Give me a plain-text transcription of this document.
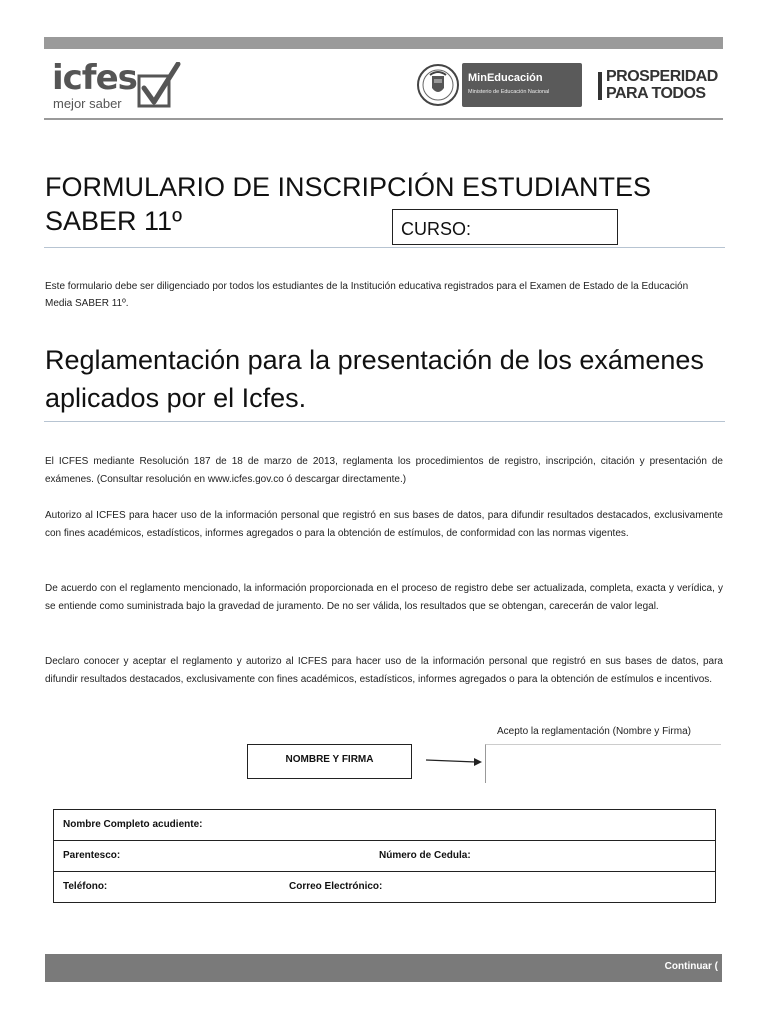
icfes
mejor saber
MinEducación
Ministerio de Educación Nacional
PROSPERIDAD
PARA TODOS
FORMULARIO DE INSCRIPCIÓN ESTUDIANTES SABER 11º	CURSO:
Este formulario debe ser diligenciado por todos los estudiantes de la Institución educativa registrados para el Examen de Estado de la Educación Media SABER 11º.
Reglamentación para la presentación de los exámenes aplicados por el Icfes.
El ICFES mediante Resolución 187 de 18 de marzo de 2013, reglamenta los procedimientos de registro, inscripción, citación y presentación de exámenes. (Consultar resolución en www.icfes.gov.co ó descargar directamente.)
Autorizo al ICFES para hacer uso de la información personal que registró en sus bases de datos, para difundir resultados destacados, exclusivamente con fines académicos, estadísticos, informes agregados o para la obtención de estímulos, de conformidad con las normas vigentes.
De acuerdo con el reglamento mencionado, la información proporcionada en el proceso de registro debe ser actualizada, completa, exacta y verídica, y se entiende como suministrada bajo la gravedad de juramento. De no ser válida, los resultados que se obtengan, carecerán de valor legal.
Declaro conocer y aceptar el reglamento y autorizo al ICFES para hacer uso de la información personal que registró en sus bases de datos, para difundir resultados destacados, exclusivamente con fines académicos, estadísticos, informes agregados o para la obtención de estímulos e incentivos.
Acepto la reglamentación (Nombre y Firma)
NOMBRE Y FIRMA
Nombre Completo acudiente:

Parentesco:	Número de Cedula:

Teléfono:	Correo Electrónico:
Continuar (
